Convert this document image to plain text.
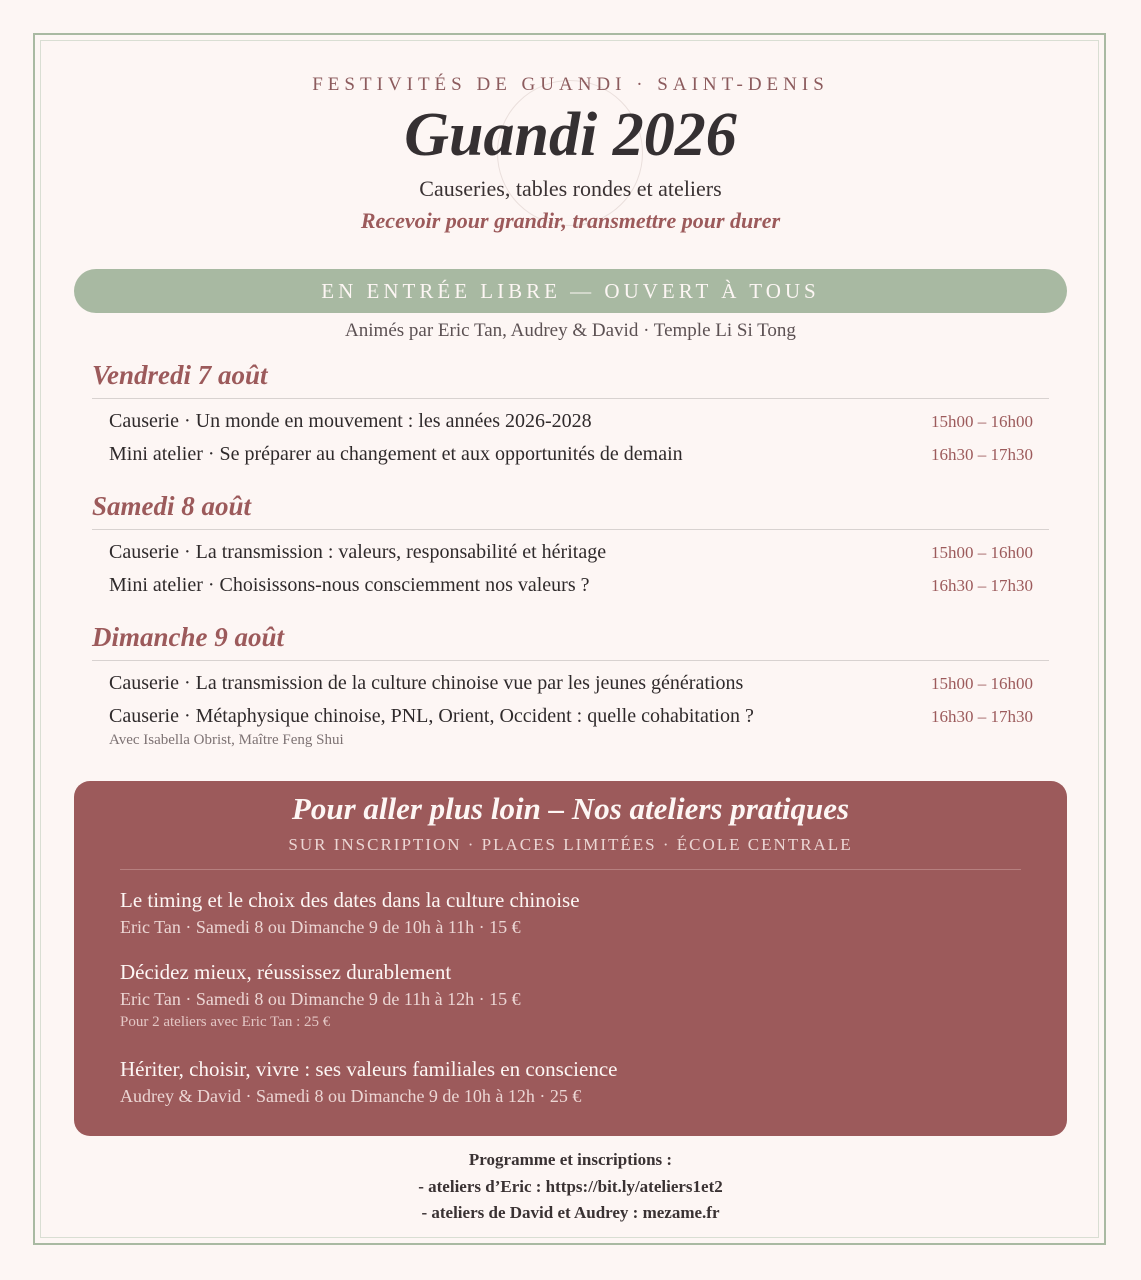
FESTIVITÉS DE GUANDI · SAINT-DENIS
Guandi 2026
Causeries, tables rondes et ateliers
Recevoir pour grandir, transmettre pour durer
EN ENTRÉE LIBRE — OUVERT À TOUS
Animés par Eric Tan, Audrey & David · Temple Li Si Tong
Vendredi 7 août
Causerie · Un monde en mouvement : les années 2026-2028	15h00 – 16h00
Mini atelier · Se préparer au changement et aux opportunités de demain	16h30 – 17h30
Samedi 8 août
Causerie · La transmission : valeurs, responsabilité et héritage	15h00 – 16h00
Mini atelier · Choisissons-nous consciemment nos valeurs ?	16h30 – 17h30
Dimanche 9 août
Causerie · La transmission de la culture chinoise vue par les jeunes générations	15h00 – 16h00
Causerie · Métaphysique chinoise, PNL, Orient, Occident : quelle cohabitation ?	16h30 – 17h30
Avec Isabella Obrist, Maître Feng Shui
Pour aller plus loin – Nos ateliers pratiques
SUR INSCRIPTION · PLACES LIMITÉES · ÉCOLE CENTRALE
Le timing et le choix des dates dans la culture chinoise
Eric Tan · Samedi 8 ou Dimanche 9 de 10h à 11h · 15 €
Décidez mieux, réussissez durablement
Eric Tan · Samedi 8 ou Dimanche 9 de 11h à 12h · 15 €
Pour 2 ateliers avec Eric Tan : 25 €
Hériter, choisir, vivre : ses valeurs familiales en conscience
Audrey & David · Samedi 8 ou Dimanche 9 de 10h à 12h · 25 €
Programme et inscriptions :
- ateliers d’Eric : https://bit.ly/ateliers1et2
- ateliers de David et Audrey : mezame.fr
